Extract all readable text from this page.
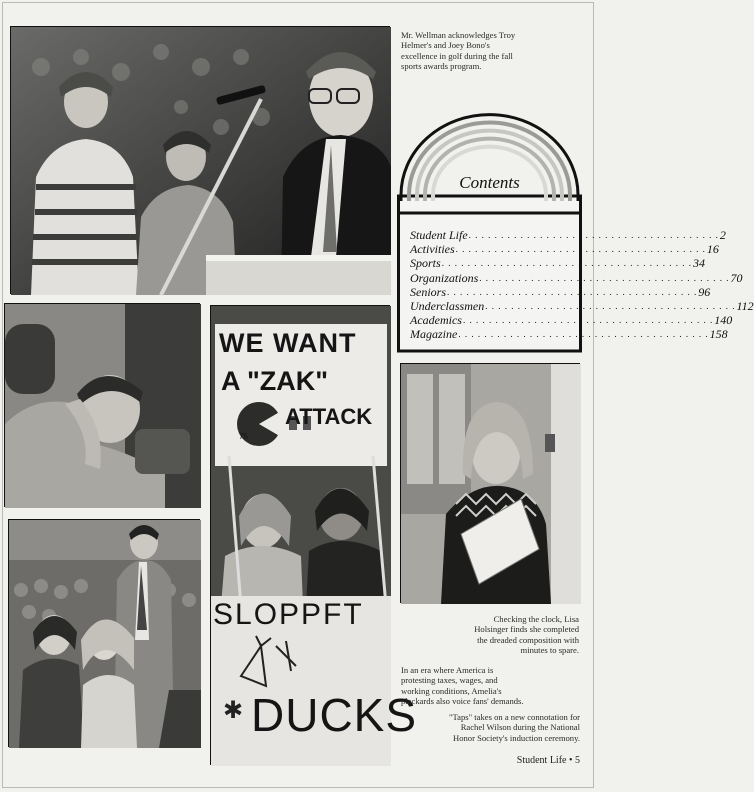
Mr. Wellman acknowledges Troy Helmer's and Joey Bono's excellence in golf during the fall sports awards program.
Contents
Student Life . . .	2
Activities . . .	16
Sports . . .	34
Organizations . . .	70
Seniors . . .	96
Underclassmen . . .	112
Academics . . .	140
Magazine . . .	158
✱
WE WANT
A "ZAK"
ATTACK
75
SLOPPFT
DUCKS
Checking the clock, Lisa Holsinger finds she completed the dreaded composition with minutes to spare.
In an era where America is protesting taxes, wages, and working conditions, Amelia's plackards also voice fans' demands.
"Taps" takes on a new connotation for Rachel Wilson during the National Honor Society's induction ceremony.
Student Life • 5
